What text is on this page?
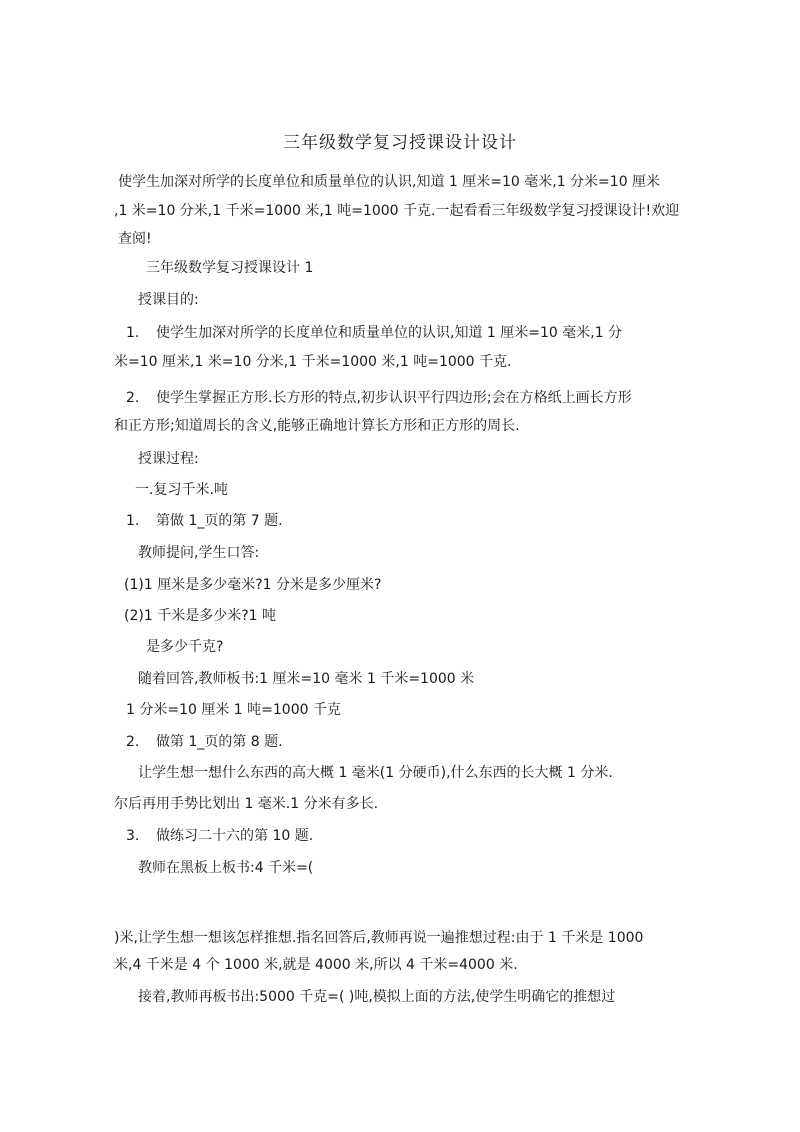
三年级数学复习授课设计设计

使学生加深对所学的长度单位和质量单位的认识,知道 1 厘米=10 毫米,1 分米=10 厘米

,1 米=10 分米,1 千米=1000 米,1 吨=1000 千克.一起看看三年级数学复习授课设计!欢迎

查阅!

三年级数学复习授课设计 1

授课目的:

1. 使学生加深对所学的长度单位和质量单位的认识,知道 1 厘米=10 毫米,1 分

米=10 厘米,1 米=10 分米,1 千米=1000 米,1 吨=1000 千克.

2. 使学生掌握正方形.长方形的特点,初步认识平行四边形;会在方格纸上画长方形

和正方形;知道周长的含义,能够正确地计算长方形和正方形的周长.

授课过程:

一.复习千米.吨

1. 第做 1_页的第 7 题.

教师提问,学生口答:

(1)1 厘米是多少毫米?1 分米是多少厘米?

(2)1 千米是多少米?1 吨

是多少千克?

随着回答,教师板书:1 厘米=10 毫米 1 千米=1000 米

1 分米=10 厘米 1 吨=1000 千克

2. 做第 1_页的第 8 题.

让学生想一想什么东西的高大概 1 毫米(1 分硬币),什么东西的长大概 1 分米.

尔后再用手势比划出 1 毫米.1 分米有多长.

3. 做练习二十六的第 10 题.

教师在黑板上板书:4 千米=(

)米,让学生想一想该怎样推想.指名回答后,教师再说一遍推想过程:由于 1 千米是 1000

米,4 千米是 4 个 1000 米,就是 4000 米,所以 4 千米=4000 米.

接着,教师再板书出:5000 千克=( )吨,模拟上面的方法,使学生明确它的推想过
